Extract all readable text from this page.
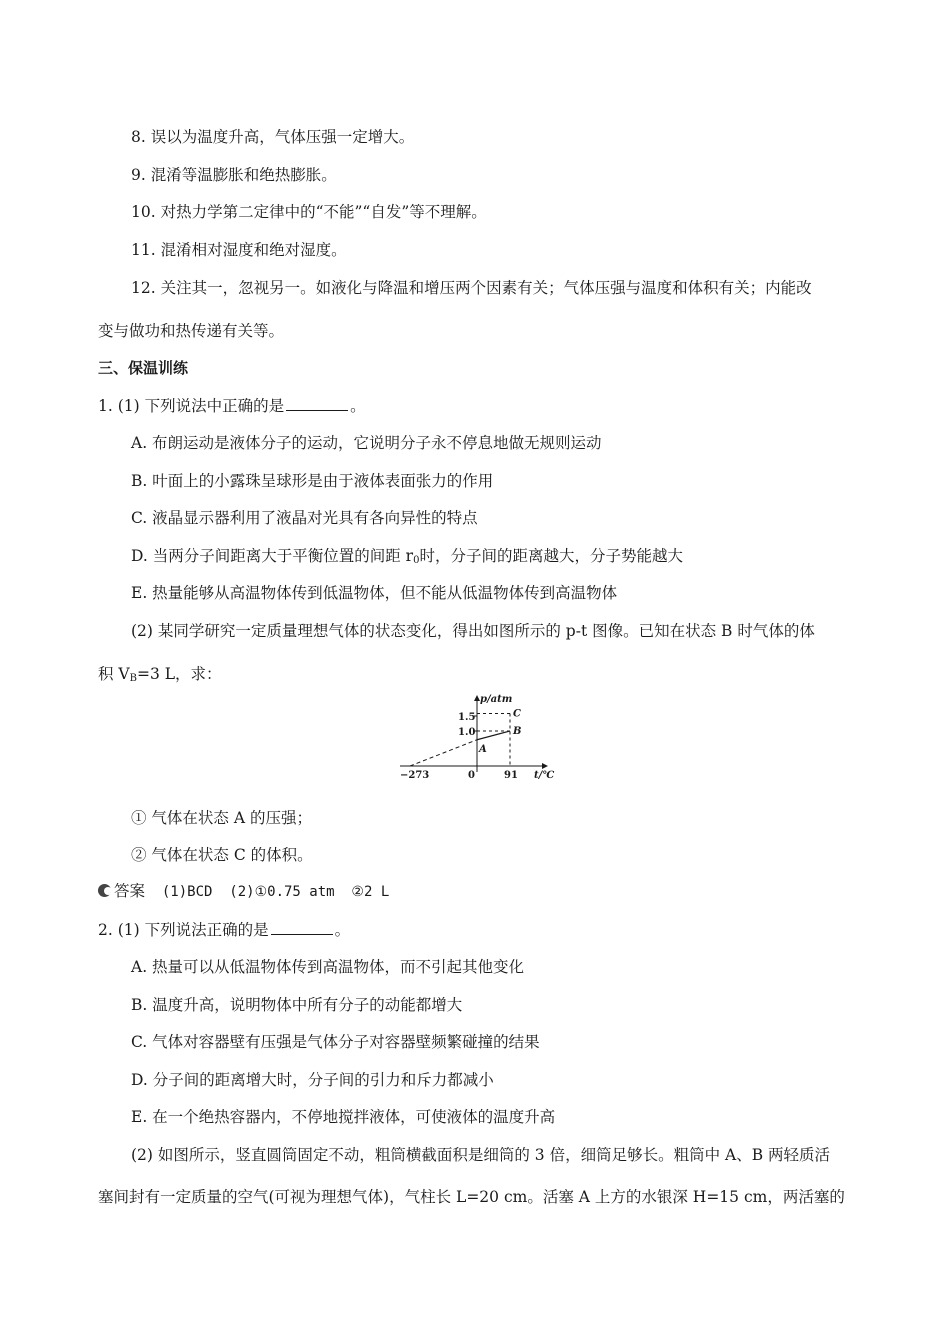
8. 误以为温度升高，气体压强一定增大。
9. 混淆等温膨胀和绝热膨胀。
10. 对热力学第二定律中的“不能”“自发”等不理解。
11. 混淆相对湿度和绝对湿度。
12. 关注其一，忽视另一。如液化与降温和增压两个因素有关；气体压强与温度和体积有关；内能改
变与做功和热传递有关等。
三、保温训练
1. (1) 下列说法中正确的是	。
A. 布朗运动是液体分子的运动，它说明分子永不停息地做无规则运动
B. 叶面上的小露珠呈球形是由于液体表面张力的作用
C. 液晶显示器利用了液晶对光具有各向异性的特点
D. 当两分子间距离大于平衡位置的间距 $r_0$时，分子间的距离越大，分子势能越大
E. 热量能够从高温物体传到低温物体，但不能从低温物体传到高温物体
(2) 某同学研究一定质量理想气体的状态变化，得出如图所示的 p-t 图像。已知在状态 B 时气体的体
积 $V_B=3$ L，求：
p/atm
1.5
1.0
−273	0	91 t/℃
A
B
C
① 气体在状态 A 的压强；
② 气体在状态 C 的体积。
答案  (1)BCD  (2)①0.75 atm  ②2 L
2. (1) 下列说法正确的是	。
A. 热量可以从低温物体传到高温物体，而不引起其他变化
B. 温度升高，说明物体中所有分子的动能都增大
C. 气体对容器壁有压强是气体分子对容器壁频繁碰撞的结果
D. 分子间的距离增大时，分子间的引力和斥力都减小
E. 在一个绝热容器内，不停地搅拌液体，可使液体的温度升高
(2) 如图所示，竖直圆筒固定不动，粗筒横截面积是细筒的 3 倍，细筒足够长。粗筒中 A、B 两轻质活
塞间封有一定质量的空气(可视为理想气体)，气柱长 L=20 cm。活塞 A 上方的水银深 H=15 cm，两活塞的
